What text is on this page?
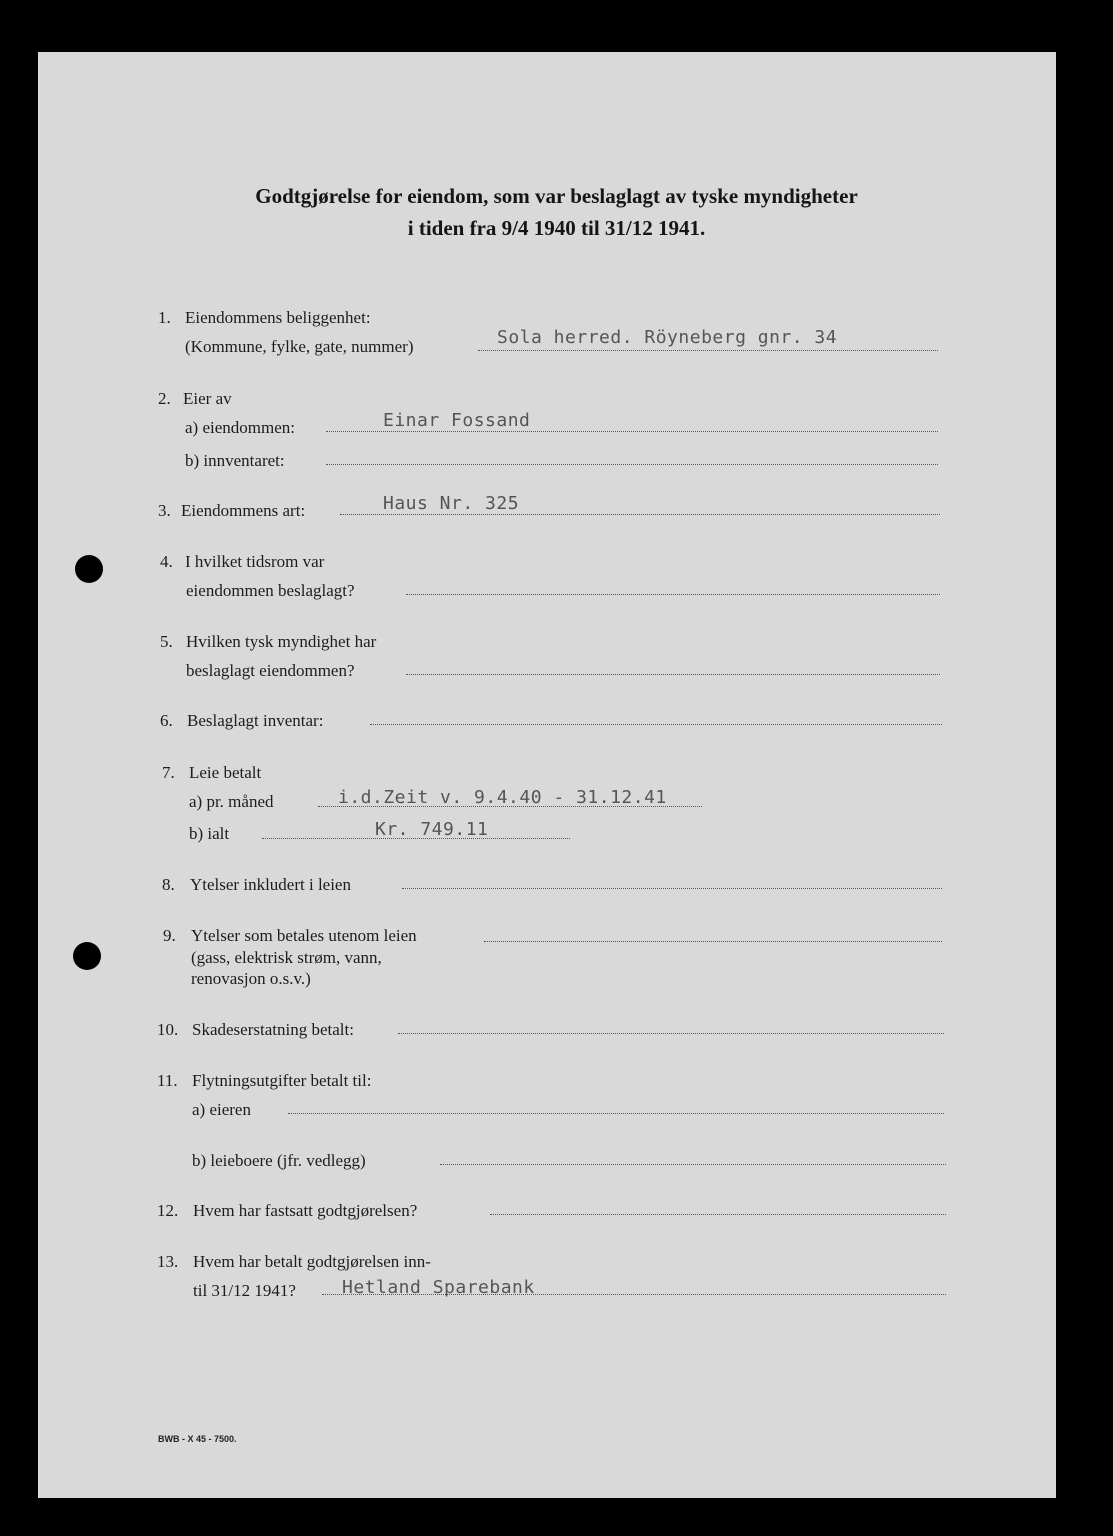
Godtgjørelse for eiendom, som var beslaglagt av tyske myndigheter
i tiden fra 9/4 1940 til 31/12 1941.
1. Eiendommens beliggenhet:
(Kommune, fylke, gate, nummer)	Sola herred. Röyneberg gnr. 34
2. Eier av
a) eiendommen:	Einar Fossand
b) innventaret:
3. Eiendommens art:	Haus Nr. 325
4. I hvilket tidsrom var
eiendommen beslaglagt?
5. Hvilken tysk myndighet har
beslaglagt eiendommen?
6. Beslaglagt inventar:
7. Leie betalt
a) pr. måned	i.d.Zeit v. 9.4.40 - 31.12.41
b) ialt	Kr. 749.11
8. Ytelser inkludert i leien
9. Ytelser som betales utenom leien
(gass, elektrisk strøm, vann,
renovasjon o.s.v.)
10. Skadeserstatning betalt:
11. Flytningsutgifter betalt til:
a) eieren
b) leieboere (jfr. vedlegg)
12. Hvem har fastsatt godtgjørelsen?
13. Hvem har betalt godtgjørelsen inn-
til 31/12 1941?	Hetland Sparebank
BWB - X 45 - 7500.
